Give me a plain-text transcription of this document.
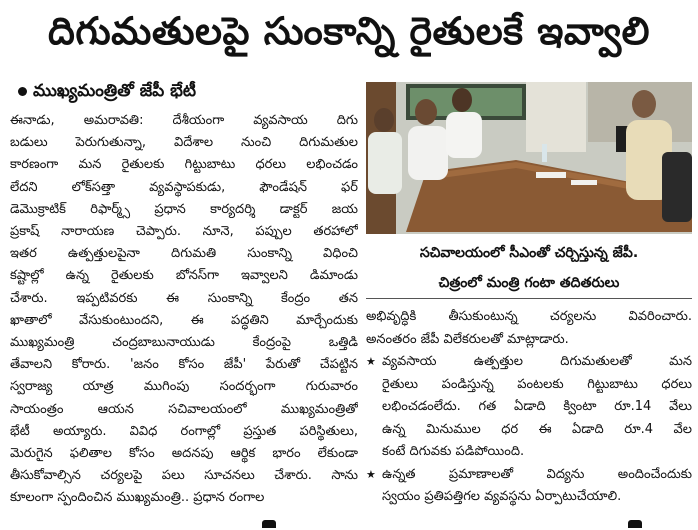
దిగుమతులపై సుంకాన్ని రైతులకే ఇవ్వాలి
ముఖ్యమంత్రితో జేపీ భేటీ

ఈనాడు, అమరావతి: దేశీయంగా వ్యవసాయ దిగు

బడులు పెరుగుతున్నా, విదేశాల నుంచి దిగుమతుల

కారణంగా మన రైతులకు గిట్టుబాటు ధరలు లభించడం

లేదని లోక్‌సత్తా వ్యవస్థాపకుడు, ఫౌండేషన్ ఫర్

డెమొక్రాటిక్ రిఫార్మ్స్ ప్రధాన కార్యదర్శి డాక్టర్ జయ

ప్రకాష్ నారాయణ చెప్పారు. నూనె, పప్పుల తరహాలో

ఇతర ఉత్పత్తులపైనా దిగుమతి సుంకాన్ని విధించి

కష్టాల్లో ఉన్న రైతులకు బోనస్‌గా ఇవ్వాలని డిమాండు

చేశారు. ఇప్పటివరకు ఈ సుంకాన్ని కేంద్రం తన

ఖాతాలో వేసుకుంటుందని, ఈ పద్ధతిని మార్చేందుకు

ముఖ్యమంత్రి చంద్రబాబునాయుడు కేంద్రంపై ఒత్తిడి

తేవాలని కోరారు. 'జనం కోసం జేపీ' పేరుతో చేపట్టిన

స్వరాజ్య యాత్ర ముగింపు సందర్భంగా గురువారం

సాయంత్రం ఆయన సచివాలయంలో ముఖ్యమంత్రితో

భేటీ అయ్యారు. వివిధ రంగాల్లో ప్రస్తుత పరిస్థితులు,

మెరుగైన ఫలితాల కోసం అదనపు ఆర్థిక భారం లేకుండా

తీసుకోవాల్సిన చర్యలపై పలు సూచనలు చేశారు. సాను

కూలంగా స్పందించిన ముఖ్యమంత్రి.. ప్రధాన రంగాల

సచివాలయంలో సీఎంతో చర్చిస్తున్న జేపీ.
చిత్రంలో మంత్రి గంటా తదితరులు

అభివృద్ధికి తీసుకుంటున్న చర్యలను వివరించారు.

అనంతరం జేపీ విలేకరులతో మాట్లాడారు.

★ వ్యవసాయ ఉత్పత్తుల దిగుమతులతో మన

రైతులు పండిస్తున్న పంటలకు గిట్టుబాటు ధరలు

లభించడంలేదు. గత ఏడాది క్వింటా రూ.14 వేలు

ఉన్న మినుముల ధర ఈ ఏడాది రూ.4 వేల

కంటే దిగువకు పడిపోయింది.

★ ఉన్నత ప్రమాణాలతో విద్యను అందించేందుకు

స్వయం ప్రతిపత్తిగల వ్యవస్థను ఏర్పాటుచేయాలి.
